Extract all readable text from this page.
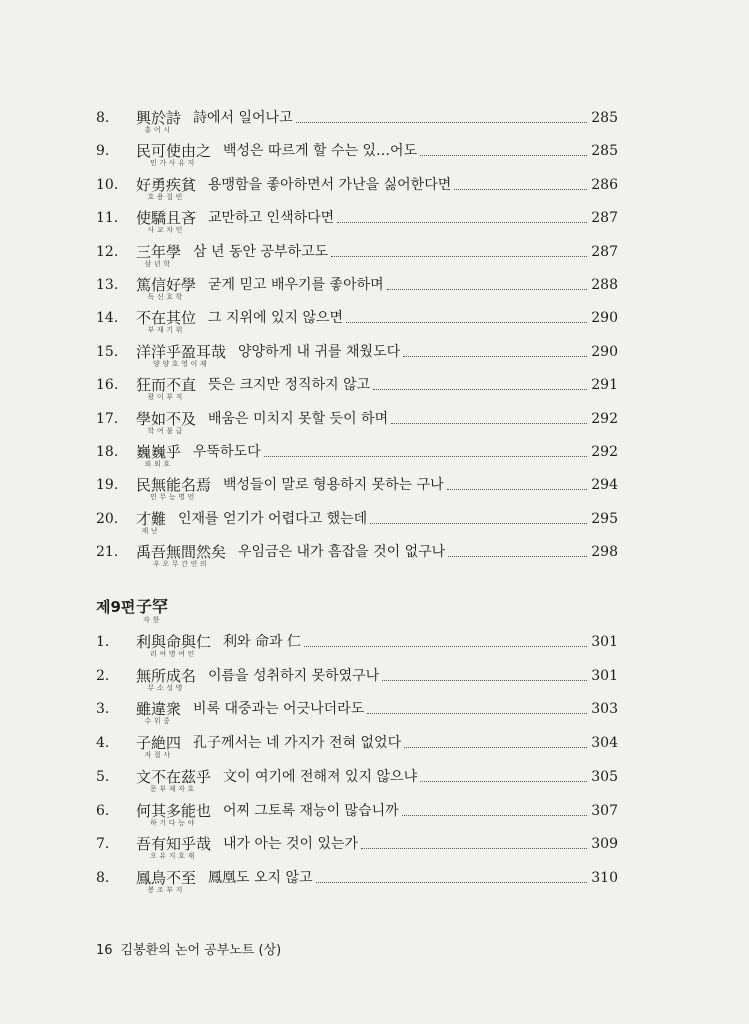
8.	興於詩
흥어시
詩에서 일어나고	285
9.	民可使由之
민가사유지
백성은 따르게 할 수는 있…어도	285
10.	好勇疾貧
호용질빈
용맹함을 좋아하면서 가난을 싫어한다면	286
11.	使驕且吝
사교차인
교만하고 인색하다면	287
12.	三年學
삼년학
삼 년 동안 공부하고도	287
13.	篤信好學
독신호학
굳게 믿고 배우기를 좋아하며	288
14.	不在其位
부재기위
그 지위에 있지 않으면	290
15.	洋洋乎盈耳哉
양양호영이재
양양하게 내 귀를 채웠도다	290
16.	狂而不直
광이부직
뜻은 크지만 정직하지 않고	291
17.	學如不及
학여불급
배움은 미치지 못할 듯이 하며	292
18.	巍巍乎
외외호
우뚝하도다	292
19.	民無能名焉
민무능명언
백성들이 말로 형용하지 못하는 구나	294
20.	才難
재난
인재를 얻기가 어렵다고 했는데	295
21.	禹吾無間然矣
우오무간연의
우임금은 내가 흠잡을 것이 없구나	298
제9편 子罕
자한
1.	利與命與仁
리여명여인
利와 命과 仁	301
2.	無所成名
무소성명
이름을 성취하지 못하였구나	301
3.	雖違衆
수위중
비록 대중과는 어긋나더라도	303
4.	子絶四
자절사
孔子께서는 네 가지가 전혀 없었다	304
5.	文不在茲乎
문부재자호
文이 여기에 전해져 있지 않으냐	305
6.	何其多能也
하기다능야
어찌 그토록 재능이 많습니까	307
7.	吾有知乎哉
오유지호재
내가 아는 것이 있는가	309
8.	鳳鳥不至
봉조부지
鳳凰도 오지 않고	310
16 김봉환의 논어 공부노트 (상)
